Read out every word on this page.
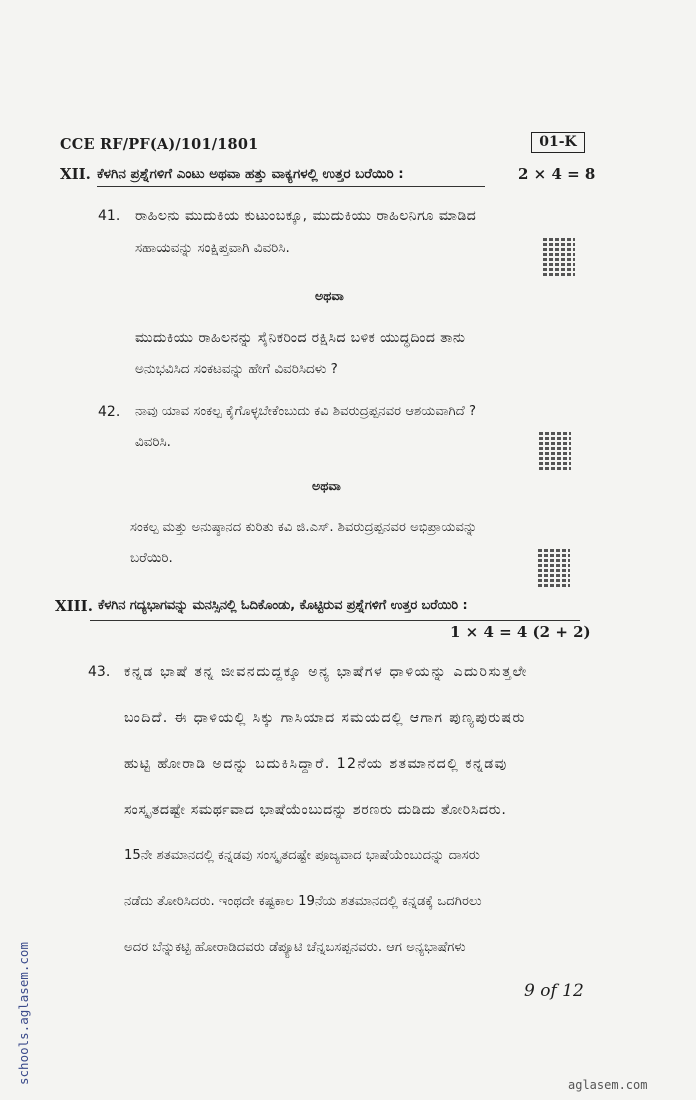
CCE RF/PF(A)/101/1801	01-K
XII. ಕೆಳಗಿನ ಪ್ರಶ್ನೆಗಳಿಗೆ ಎಂಟು ಅಥವಾ ಹತ್ತು ವಾಕ್ಯಗಳಲ್ಲಿ ಉತ್ತರ ಬರೆಯಿರಿ :	2 × 4 = 8
41. ರಾಹಿಲನು ಮುದುಕಿಯ ಕುಟುಂಬಕ್ಕೂ, ಮುದುಕಿಯು ರಾಹಿಲನಿಗೂ ಮಾಡಿದ
ಸಹಾಯವನ್ನು ಸಂಕ್ಷಿಪ್ತವಾಗಿ ವಿವರಿಸಿ.
ಅಥವಾ
ಮುದುಕಿಯು ರಾಹಿಲನನ್ನು ಸೈನಿಕರಿಂದ ರಕ್ಷಿಸಿದ ಬಳಿಕ ಯುದ್ಧದಿಂದ ತಾನು
ಅನುಭವಿಸಿದ ಸಂಕಟವನ್ನು ಹೇಗೆ ವಿವರಿಸಿದಳು ?
42. ನಾವು ಯಾವ ಸಂಕಲ್ಪ ಕೈಗೊಳ್ಳಬೇಕೆಂಬುದು ಕವಿ ಶಿವರುದ್ರಪ್ಪನವರ ಆಶಯವಾಗಿದೆ ?
ವಿವರಿಸಿ.
ಅಥವಾ
ಸಂಕಲ್ಪ ಮತ್ತು ಅನುಷ್ಠಾನದ ಕುರಿತು ಕವಿ ಜಿ.ಎಸ್. ಶಿವರುದ್ರಪ್ಪನವರ ಅಭಿಪ್ರಾಯವನ್ನು
ಬರೆಯಿರಿ.
XIII. ಕೆಳಗಿನ ಗದ್ಯಭಾಗವನ್ನು ಮನಸ್ಸಿನಲ್ಲಿ ಓದಿಕೊಂಡು, ಕೊಟ್ಟಿರುವ ಪ್ರಶ್ನೆಗಳಿಗೆ ಉತ್ತರ ಬರೆಯಿರಿ :
1 × 4 = 4 (2 + 2)
43. ಕನ್ನಡ ಭಾಷೆ ತನ್ನ ಜೀವನದುದ್ದಕ್ಕೂ ಅನ್ಯ ಭಾಷೆಗಳ ಧಾಳಿಯನ್ನು ಎದುರಿಸುತ್ತಲೇ
ಬಂದಿದೆ. ಈ ಧಾಳಿಯಲ್ಲಿ ಸಿಕ್ಕು ಗಾಸಿಯಾದ ಸಮಯದಲ್ಲಿ ಆಗಾಗ ಪುಣ್ಯಪುರುಷರು
ಹುಟ್ಟಿ ಹೋರಾಡಿ ಅದನ್ನು ಬದುಕಿಸಿದ್ದಾರೆ. 12ನೆಯ ಶತಮಾನದಲ್ಲಿ ಕನ್ನಡವು
ಸಂಸ್ಕೃತದಷ್ಟೇ ಸಮರ್ಥವಾದ ಭಾಷೆಯೆಂಬುದನ್ನು ಶರಣರು ದುಡಿದು ತೋರಿಸಿದರು.
15ನೇ ಶತಮಾನದಲ್ಲಿ ಕನ್ನಡವು ಸಂಸ್ಕೃತದಷ್ಟೇ ಪೂಜ್ಯವಾದ ಭಾಷೆಯೆಂಬುದನ್ನು ದಾಸರು
ನಡೆದು ತೋರಿಸಿದರು. ಇಂಥದೇ ಕಷ್ಟಕಾಲ 19ನೆಯ ಶತಮಾನದಲ್ಲಿ ಕನ್ನಡಕ್ಕೆ ಒದಗಿರಲು
ಅದರ ಬೆನ್ನುಕಟ್ಟಿ ಹೋರಾಡಿದವರು ಡೆಪ್ಯೂಟಿ ಚೆನ್ನಬಸಪ್ಪನವರು. ಆಗ ಅನ್ಯಭಾಷೆಗಳು
9 of 12
schools.aglasem.com	aglasem.com
